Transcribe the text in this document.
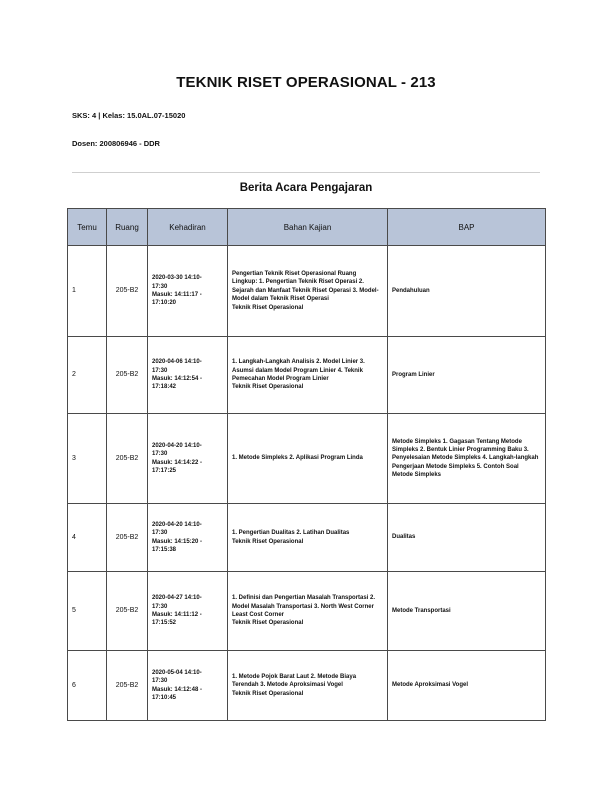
TEKNIK RISET OPERASIONAL - 213
SKS: 4 | Kelas: 15.0AL.07-15020
Dosen: 200806946 - DDR
Berita Acara Pengajaran
Temu	Ruang	Kehadiran	Bahan Kajian	BAP
1	205-B2	2020-03-30 14:10-
17:30
Masuk: 14:11:17 -
17:10:20	Pengertian Teknik Riset Operasional Ruang Lingkup: 1. Pengertian Teknik Riset Operasi 2. Sejarah dan Manfaat Teknik Riset Operasi 3. Model-Model dalam Teknik Riset Operasi
Teknik Riset Operasional	Pendahuluan
2	205-B2	2020-04-06 14:10-
17:30
Masuk: 14:12:54 -
17:18:42	1. Langkah-Langkah Analisis 2. Model Linier 3. Asumsi dalam Model Program Linier 4. Teknik Pemecahan Model Program Linier
Teknik Riset Operasional	Program Linier
3	205-B2	2020-04-20 14:10-
17:30
Masuk: 14:14:22 -
17:17:25	1. Metode Simpleks 2. Aplikasi Program Linda	Metode Simpleks 1. Gagasan Tentang Metode Simpleks 2. Bentuk Linier Programming Baku 3. Penyelesaian Metode Simpleks 4. Langkah-langkah Pengerjaan Metode Simpleks 5. Contoh Soal Metode Simpleks
4	205-B2	2020-04-20 14:10-
17:30
Masuk: 14:15:20 -
17:15:38	1. Pengertian Dualitas 2. Latihan Dualitas
Teknik Riset Operasional	Dualitas
5	205-B2	2020-04-27 14:10-
17:30
Masuk: 14:11:12 -
17:15:52	1. Definisi dan Pengertian Masalah Transportasi 2. Model Masalah Transportasi 3. North West Corner Least Cost Corner
Teknik Riset Operasional	Metode Transportasi
6	205-B2	2020-05-04 14:10-
17:30
Masuk: 14:12:48 -
17:10:45	1. Metode Pojok Barat Laut 2. Metode Biaya Terendah 3. Metode Aproksimasi Vogel
Teknik Riset Operasional	Metode Aproksimasi Vogel
